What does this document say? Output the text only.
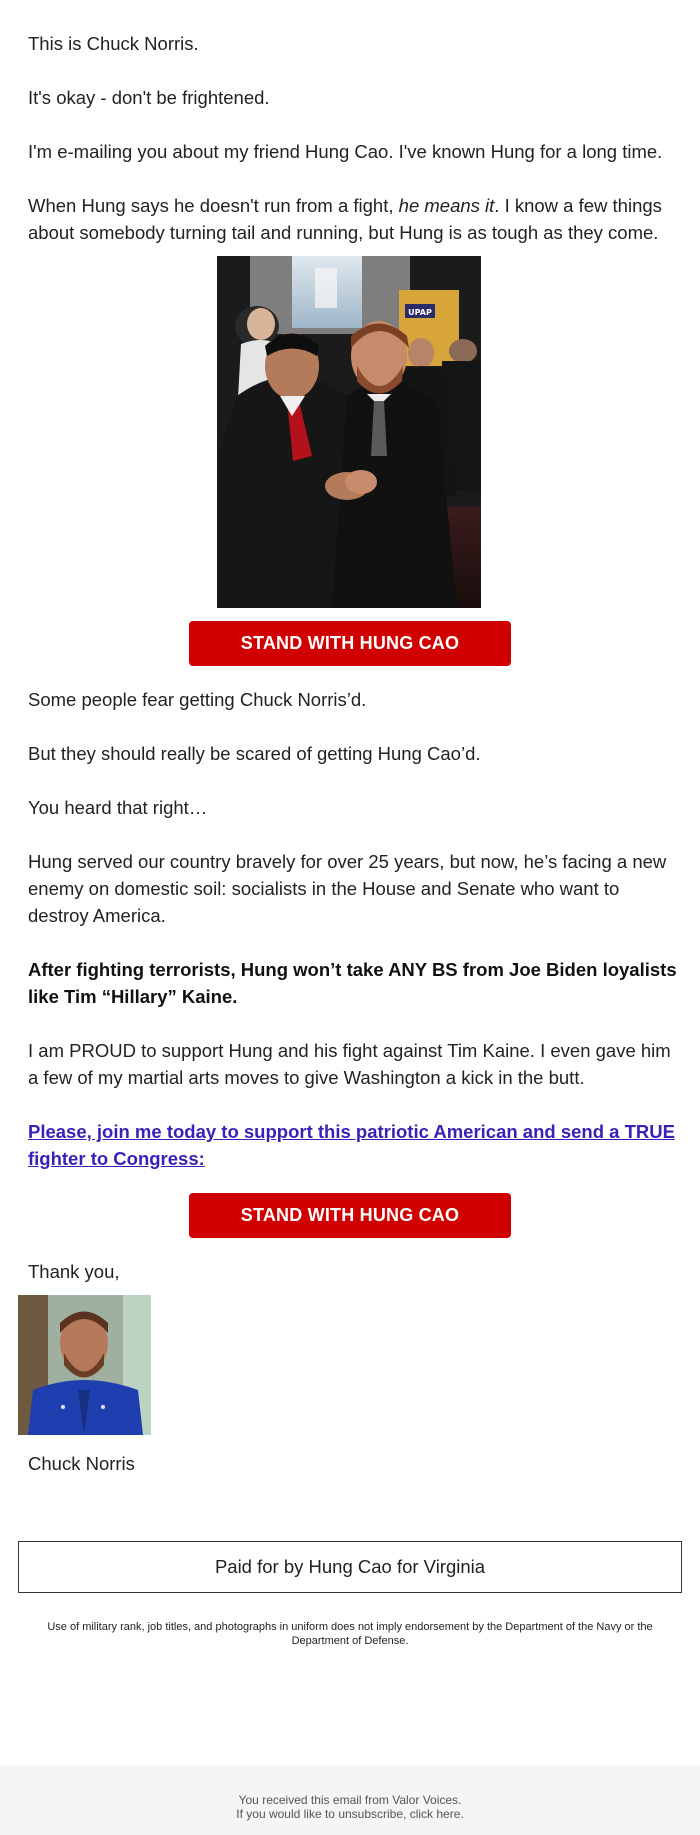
This is Chuck Norris.

It's okay - don't be frightened.

I'm e-mailing you about my friend Hung Cao. I've known Hung for a long time.

When Hung says he doesn't run from a fight, he means it. I know a few things about somebody turning tail and running, but Hung is as tough as they come.

UPAP
STAND WITH HUNG CAO

Some people fear getting Chuck Norris’d.

But they should really be scared of getting Hung Cao’d.

You heard that right…

Hung served our country bravely for over 25 years, but now, he’s facing a new enemy on domestic soil: socialists in the House and Senate who want to destroy America.

After fighting terrorists, Hung won’t take ANY BS from Joe Biden loyalists like Tim “Hillary” Kaine.

I am PROUD to support Hung and his fight against Tim Kaine. I even gave him a few of my martial arts moves to give Washington a kick in the butt.

Please, join me today to support this patriotic American and send a TRUE fighter to Congress:

STAND WITH HUNG CAO

Thank you,

Chuck Norris

Paid for by Hung Cao for Virginia
Use of military rank, job titles, and photographs in uniform does not imply endorsement by the Department of the Navy or the Department of Defense.
You received this email from Valor Voices.
If you would like to unsubscribe, click here.
